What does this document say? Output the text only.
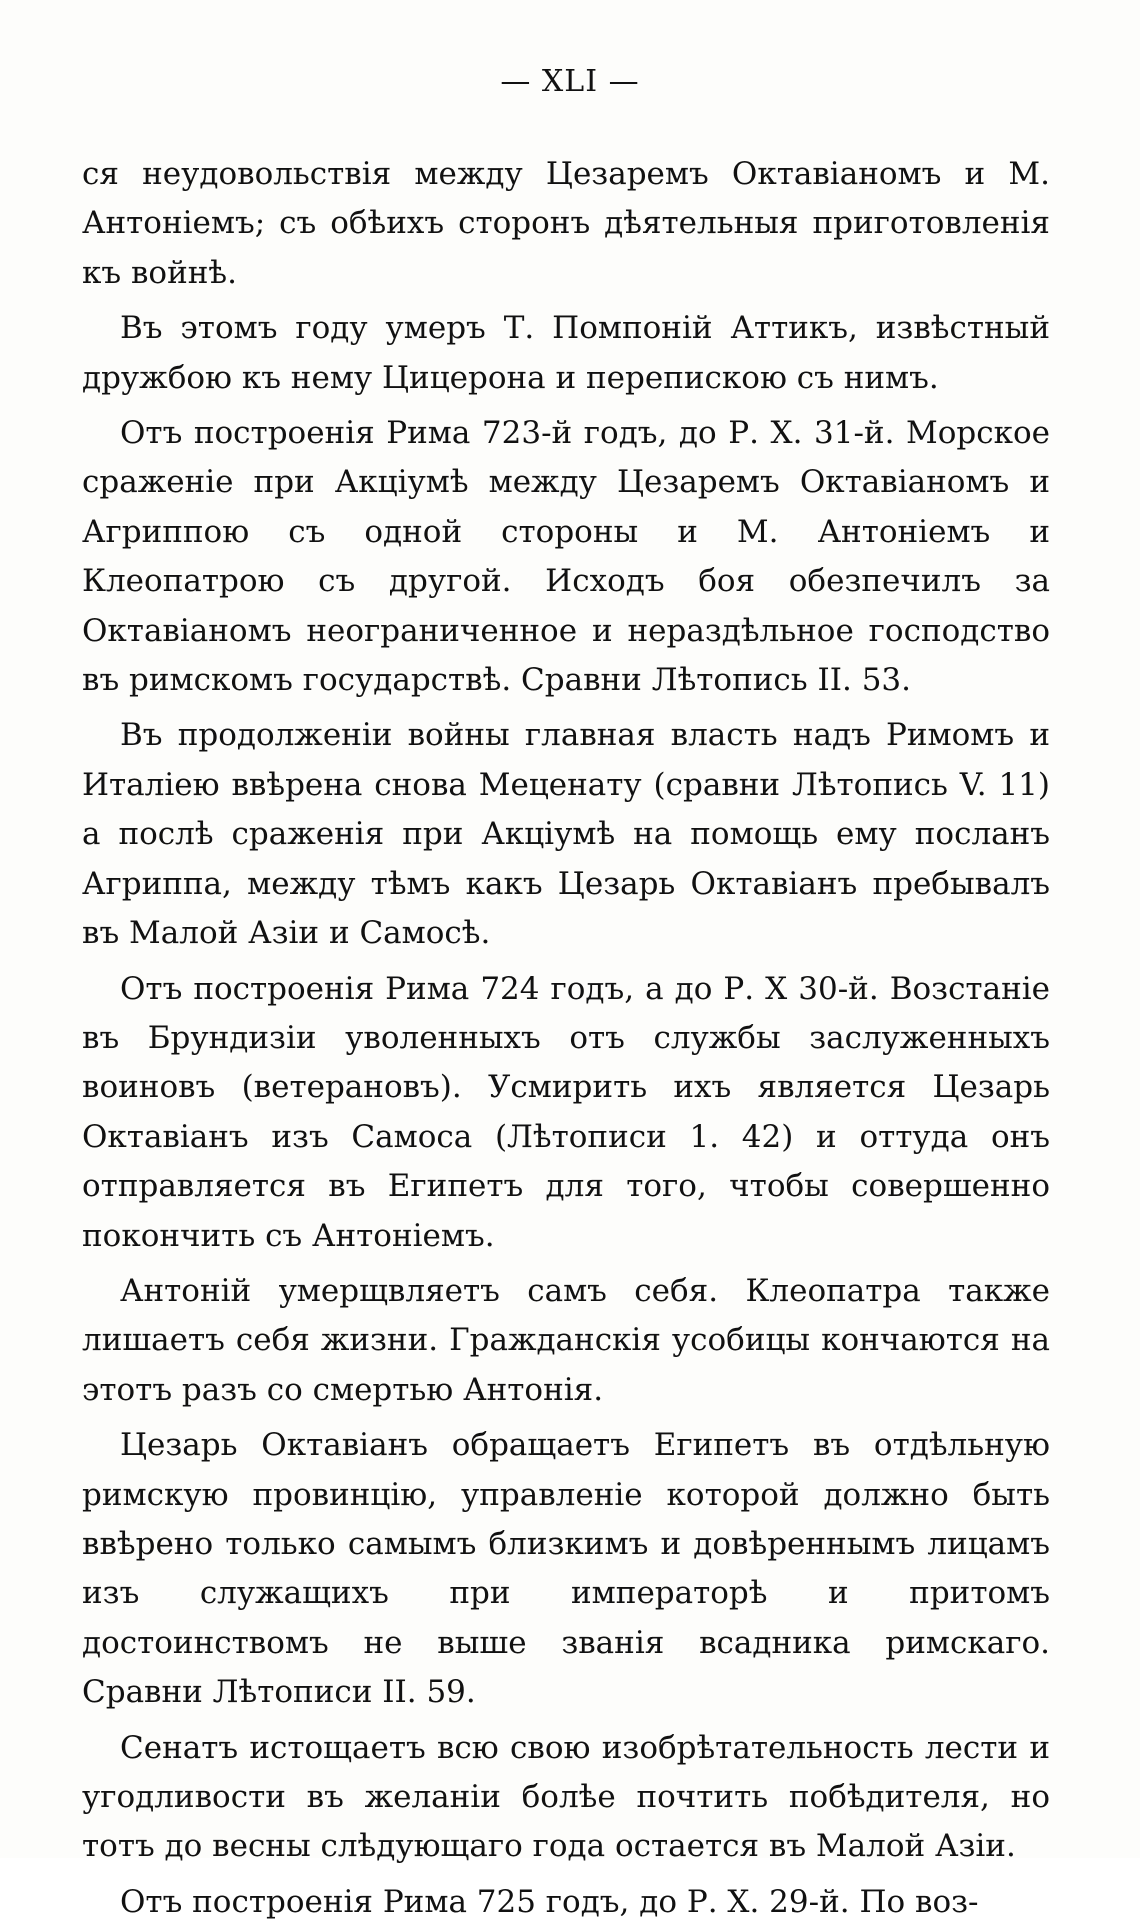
— XLI —

ся неудовольствія между Цезаремъ Октавіаномъ и М. Антоніемъ; съ обѣихъ сторонъ дѣятельныя приготовленія къ войнѣ.

Въ этомъ году умеръ Т. Помпоній Аттикъ, извѣстный дружбою къ нему Цицерона и перепискою съ нимъ.

Отъ построенія Рима 723-й годъ, до Р. Х. 31-й. Морское сраженіе при Акціумѣ между Цезаремъ Октавіаномъ и Агриппою съ одной стороны и М. Антоніемъ и Клеопатрою съ другой. Исходъ боя обезпечилъ за Октавіаномъ неограниченное и нераздѣльное господство въ римскомъ государствѣ. Сравни Лѣтопись II. 53.

Въ продолженіи войны главная власть надъ Римомъ и Италіею ввѣрена снова Меценату (сравни Лѣтопись V. 11) а послѣ сраженія при Акціумѣ на помощь ему посланъ Агриппа, между тѣмъ какъ Цезарь Октавіанъ пребывалъ въ Малой Азіи и Самосѣ.

Отъ построенія Рима 724 годъ, а до Р. Х 30-й. Возстаніе въ Брундизіи уволенныхъ отъ службы заслуженныхъ воиновъ (ветерановъ). Усмирить ихъ является Цезарь Октавіанъ изъ Самоса (Лѣтописи 1. 42) и оттуда онъ отправляется въ Египетъ для того, чтобы совершенно покончить съ Антоніемъ.

Антоній умерщвляетъ самъ себя. Клеопатра также лишаетъ себя жизни. Гражданскія усобицы кончаются на этотъ разъ со смертью Антонія.

Цезарь Октавіанъ обращаетъ Египетъ въ отдѣльную римскую провинцію, управленіе которой должно быть ввѣрено только самымъ близкимъ и довѣреннымъ лицамъ изъ служащихъ при императорѣ и притомъ достоинствомъ не выше званія всадника римскаго. Сравни Лѣтописи II. 59.

Сенатъ истощаетъ всю свою изобрѣтательность лести и угодливости въ желаніи болѣе почтить побѣдителя, но тотъ до весны слѣдующаго года остается въ Малой Азіи.

Отъ построенія Рима 725 годъ, до Р. Х. 29-й. По воз-
